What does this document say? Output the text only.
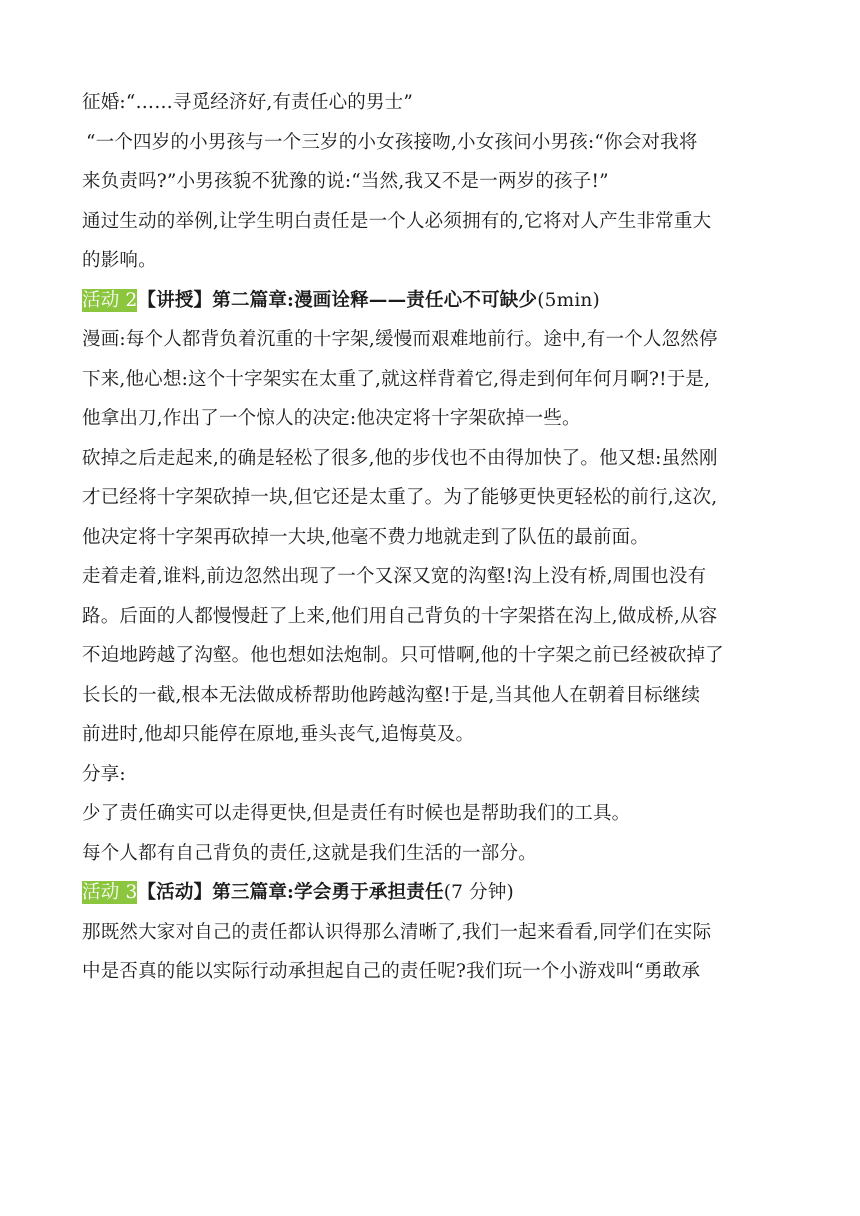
征婚:“……寻觅经济好,有责任心的男士”
“一个四岁的小男孩与一个三岁的小女孩接吻,小女孩问小男孩:“你会对我将
来负责吗?”小男孩貌不犹豫的说:“当然,我又不是一两岁的孩子!”
通过生动的举例,让学生明白责任是一个人必须拥有的,它将对人产生非常重大
的影响。
活动 2【讲授】第二篇章:漫画诠释——责任心不可缺少(5min)
漫画:每个人都背负着沉重的十字架,缓慢而艰难地前行。途中,有一个人忽然停
下来,他心想:这个十字架实在太重了,就这样背着它,得走到何年何月啊?!于是,
他拿出刀,作出了一个惊人的决定:他决定将十字架砍掉一些。
砍掉之后走起来,的确是轻松了很多,他的步伐也不由得加快了。他又想:虽然刚
才已经将十字架砍掉一块,但它还是太重了。为了能够更快更轻松的前行,这次,
他决定将十字架再砍掉一大块,他毫不费力地就走到了队伍的最前面。
走着走着,谁料,前边忽然出现了一个又深又宽的沟壑!沟上没有桥,周围也没有
路。后面的人都慢慢赶了上来,他们用自己背负的十字架搭在沟上,做成桥,从容
不迫地跨越了沟壑。他也想如法炮制。只可惜啊,他的十字架之前已经被砍掉了
长长的一截,根本无法做成桥帮助他跨越沟壑!于是,当其他人在朝着目标继续
前进时,他却只能停在原地,垂头丧气,追悔莫及。
分享:
少了责任确实可以走得更快,但是责任有时候也是帮助我们的工具。
每个人都有自己背负的责任,这就是我们生活的一部分。
活动 3【活动】第三篇章:学会勇于承担责任(7 分钟)
那既然大家对自己的责任都认识得那么清晰了,我们一起来看看,同学们在实际
中是否真的能以实际行动承担起自己的责任呢?我们玩一个小游戏叫“勇敢承
